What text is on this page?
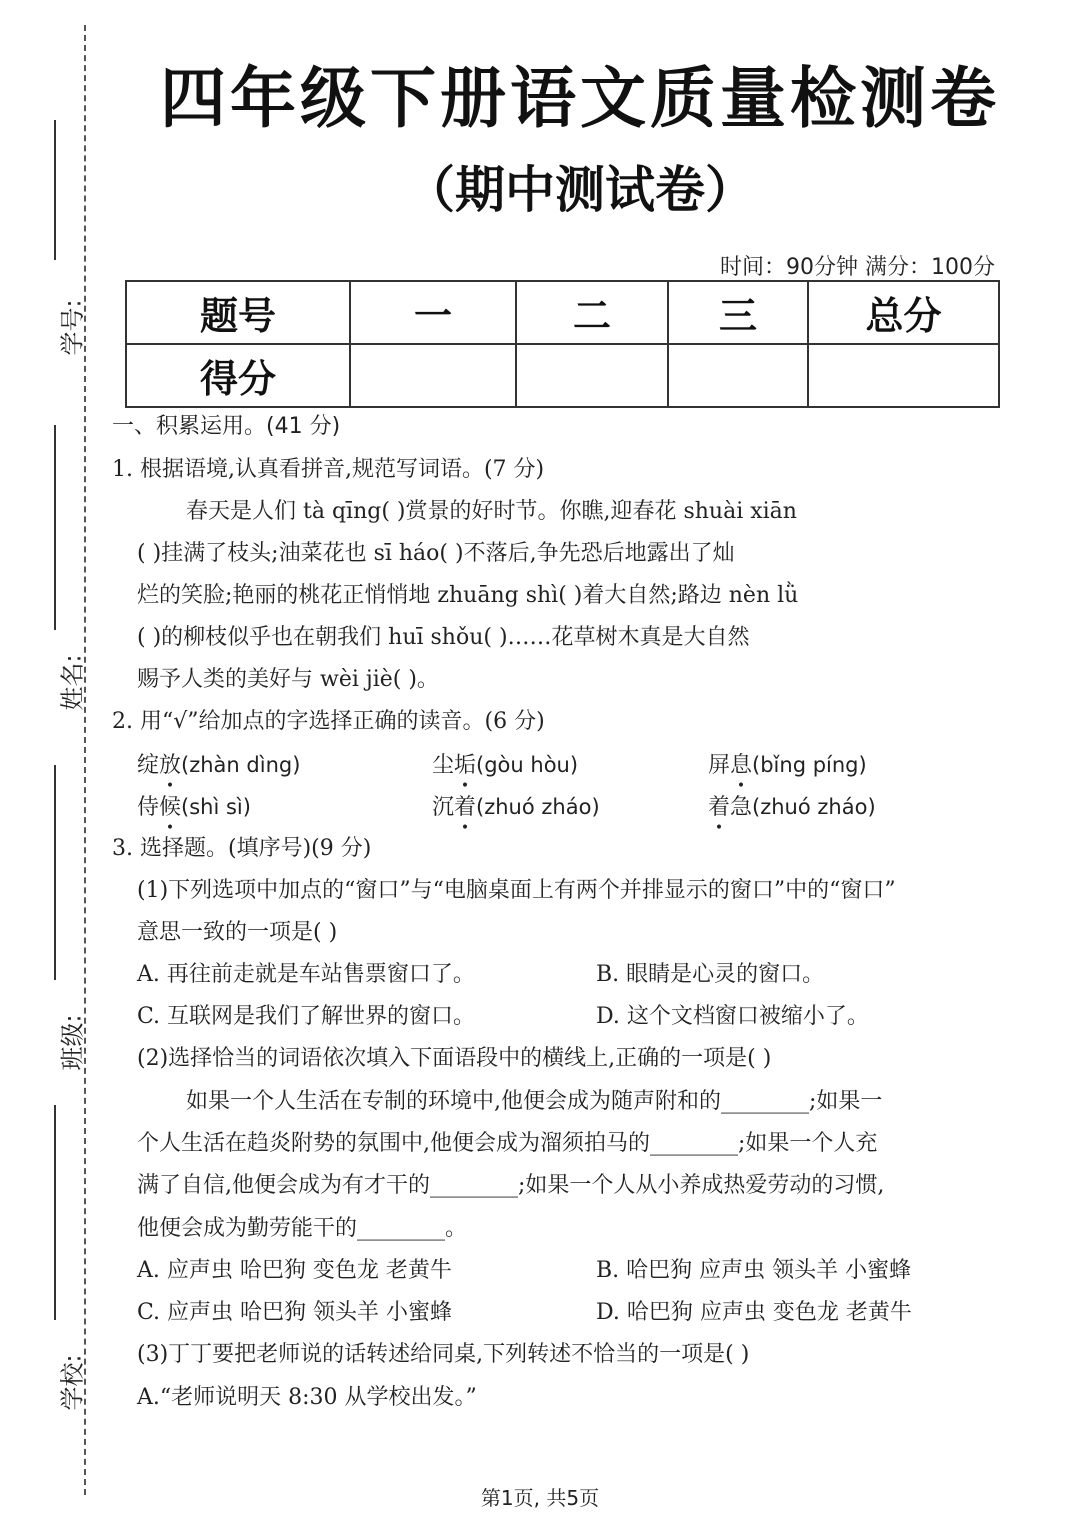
学号:
姓名:
班级:
学校:
四年级下册语文质量检测卷
（期中测试卷）
时间：90分钟 满分：100分
题号	一	二	三	总分
得分				
一、积累运用。(41 分)
1. 根据语境,认真看拼音,规范写词语。(7 分)
春天是人们 tà qīng( )赏景的好时节。你瞧,迎春花 shuài xiān
( )挂满了枝头;油菜花也 sī háo( )不落后,争先恐后地露出了灿
烂的笑脸;艳丽的桃花正悄悄地 zhuāng shì( )着大自然;路边 nèn lǜ
( )的柳枝似乎也在朝我们 huī shǒu( )……花草树木真是大自然
赐予人类的美好与 wèi jiè( )。
2. 用“√”给加点的字选择正确的读音。(6 分)
绽放(zhàn dìng)	尘垢(gòu hòu)	屏息(bǐng píng)
侍候(shì sì)	沉着(zhuó zháo)	着急(zhuó zháo)
3. 选择题。(填序号)(9 分)
(1)下列选项中加点的“窗口”与“电脑桌面上有两个并排显示的窗口”中的“窗口”
意思一致的一项是( )
A. 再往前走就是车站售票窗口了。	B. 眼睛是心灵的窗口。
C. 互联网是我们了解世界的窗口。	D. 这个文档窗口被缩小了。
(2)选择恰当的词语依次填入下面语段中的横线上,正确的一项是( )
如果一个人生活在专制的环境中,他便会成为随声附和的________;如果一
个人生活在趋炎附势的氛围中,他便会成为溜须拍马的________;如果一个人充
满了自信,他便会成为有才干的________;如果一个人从小养成热爱劳动的习惯,
他便会成为勤劳能干的________。
A. 应声虫 哈巴狗 变色龙 老黄牛	B. 哈巴狗 应声虫 领头羊 小蜜蜂
C. 应声虫 哈巴狗 领头羊 小蜜蜂	D. 哈巴狗 应声虫 变色龙 老黄牛
(3)丁丁要把老师说的话转述给同桌,下列转述不恰当的一项是( )
A.“老师说明天 8:30 从学校出发。”
第1页, 共5页
